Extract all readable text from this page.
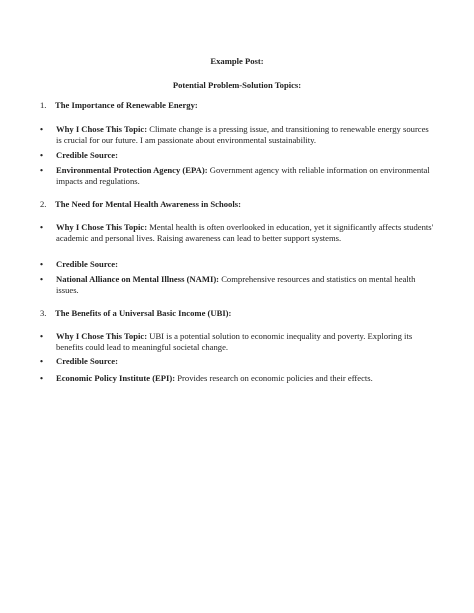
Example Post:
Potential Problem-Solution Topics:
1. The Importance of Renewable Energy:
•	Why I Chose This Topic: Climate change is a pressing issue, and transitioning to renewable energy sources is crucial for our future. I am passionate about environmental sustainability.
•	Credible Source:
•	Environmental Protection Agency (EPA): Government agency with reliable information on environmental impacts and regulations.
2. The Need for Mental Health Awareness in Schools:
•	Why I Chose This Topic: Mental health is often overlooked in education, yet it significantly affects students' academic and personal lives. Raising awareness can lead to better support systems.
•	Credible Source:
•	National Alliance on Mental Illness (NAMI): Comprehensive resources and statistics on mental health issues.
3. The Benefits of a Universal Basic Income (UBI):
•	Why I Chose This Topic: UBI is a potential solution to economic inequality and poverty. Exploring its benefits could lead to meaningful societal change.
•	Credible Source:
•	Economic Policy Institute (EPI): Provides research on economic policies and their effects.
